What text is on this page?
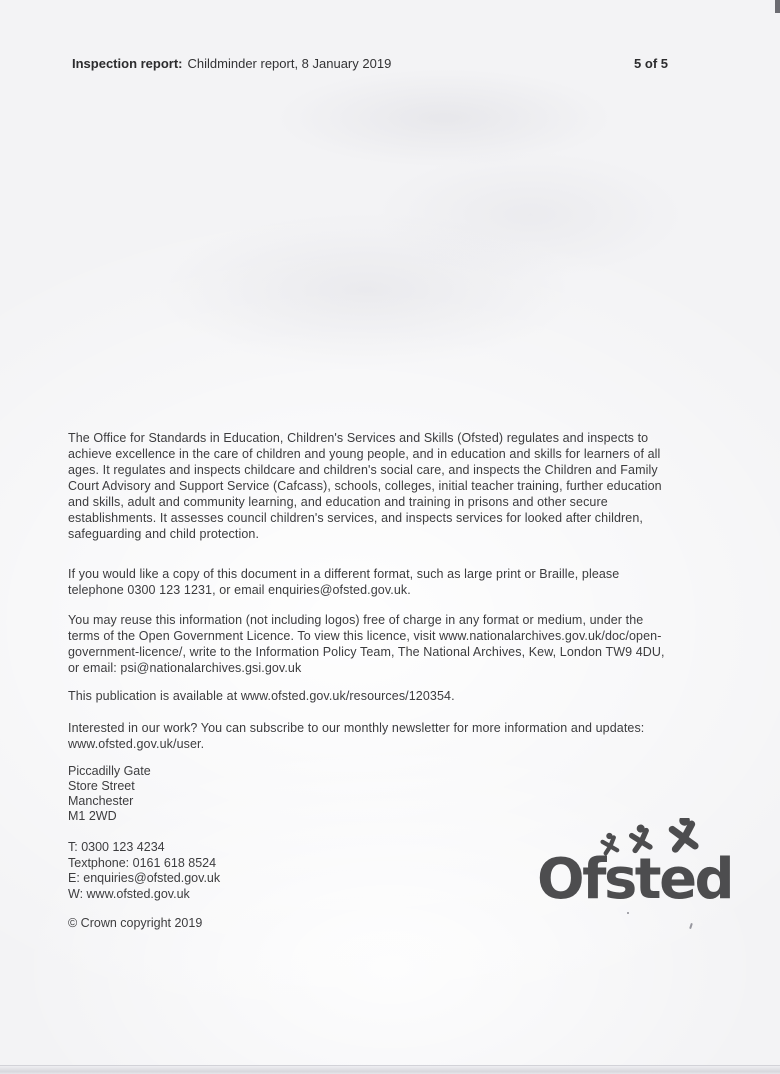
Inspection report: Childminder report, 8 January 2019	5 of 5

The Office for Standards in Education, Children's Services and Skills (Ofsted) regulates and inspects to achieve excellence in the care of children and young people, and in education and skills for learners of all ages. It regulates and inspects childcare and children's social care, and inspects the Children and Family Court Advisory and Support Service (Cafcass), schools, colleges, initial teacher training, further education and skills, adult and community learning, and education and training in prisons and other secure establishments. It assesses council children's services, and inspects services for looked after children, safeguarding and child protection.

If you would like a copy of this document in a different format, such as large print or Braille, please telephone 0300 123 1231, or email enquiries@ofsted.gov.uk.

You may reuse this information (not including logos) free of charge in any format or medium, under the terms of the Open Government Licence. To view this licence, visit www.nationalarchives.gov.uk/doc/open-government-licence/, write to the Information Policy Team, The National Archives, Kew, London TW9 4DU, or email: psi@nationalarchives.gsi.gov.uk

This publication is available at www.ofsted.gov.uk/resources/120354.

Interested in our work? You can subscribe to our monthly newsletter for more information and updates: www.ofsted.gov.uk/user.

Piccadilly Gate
Store Street
Manchester
M1 2WD
T: 0300 123 4234
Textphone: 0161 618 8524
E: enquiries@ofsted.gov.uk
W: www.ofsted.gov.uk
© Crown copyright 2019
Ofsted
